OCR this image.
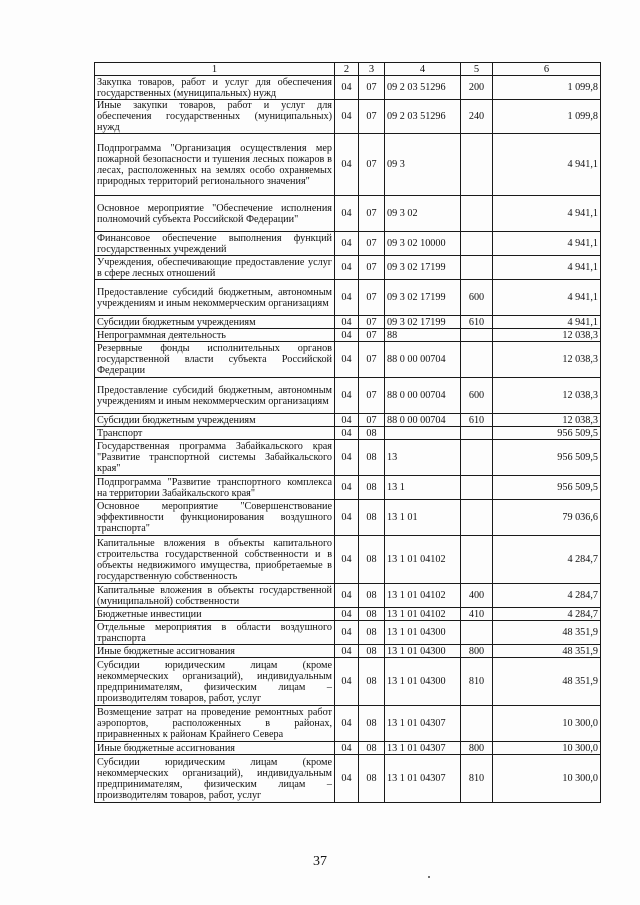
1	2	3	4	5	6
Закупка товаров, работ и услуг для обеспечения государственных (муниципальных) нужд	04	07	09 2 03 51296	200	1 099,8
Иные закупки товаров, работ и услуг для обеспечения государственных (муниципальных) нужд	04	07	09 2 03 51296	240	1 099,8
Подпрограмма "Организация осуществления мер пожарной безопасности и тушения лесных пожаров в лесах, расположенных на землях особо охраняемых природных территорий регионального значения"	04	07	09 3		4 941,1
Основное мероприятие "Обеспечение исполнения полномочий субъекта Российской Федерации"	04	07	09 3 02		4 941,1
Финансовое обеспечение выполнения функций государственных учреждений	04	07	09 3 02 10000		4 941,1
Учреждения, обеспечивающие предоставление услуг в сфере лесных отношений	04	07	09 3 02 17199		4 941,1
Предоставление субсидий бюджетным, автономным учреждениям и иным некоммерческим организациям	04	07	09 3 02 17199	600	4 941,1
Субсидии бюджетным учреждениям	04	07	09 3 02 17199	610	4 941,1
Непрограммная деятельность	04	07	88		12 038,3
Резервные фонды исполнительных органов государственной власти субъекта Российской Федерации	04	07	88 0 00 00704		12 038,3
Предоставление субсидий бюджетным, автономным учреждениям и иным некоммерческим организациям	04	07	88 0 00 00704	600	12 038,3
Субсидии бюджетным учреждениям	04	07	88 0 00 00704	610	12 038,3
Транспорт	04	08			956 509,5
Государственная программа Забайкальского края "Развитие транспортной системы Забайкальского края"	04	08	13		956 509,5
Подпрограмма "Развитие транспортного комплекса на территории Забайкальского края"	04	08	13 1		956 509,5
Основное мероприятие "Совершенствование эффективности функционирования воздушного транспорта"	04	08	13 1 01		79 036,6
Капитальные вложения в объекты капитального строительства государственной собственности и в объекты недвижимого имущества, приобретаемые в государственную собственность	04	08	13 1 01 04102		4 284,7
Капитальные вложения в объекты государственной (муниципальной) собственности	04	08	13 1 01 04102	400	4 284,7
Бюджетные инвестиции	04	08	13 1 01 04102	410	4 284,7
Отдельные мероприятия в области воздушного транспорта	04	08	13 1 01 04300		48 351,9
Иные бюджетные ассигнования	04	08	13 1 01 04300	800	48 351,9
Субсидии юридическим лицам (кроме некоммерческих организаций), индивидуальным предпринимателям, физическим лицам – производителям товаров, работ, услуг	04	08	13 1 01 04300	810	48 351,9
Возмещение затрат на проведение ремонтных работ аэропортов, расположенных в районах, приравненных к районам Крайнего Севера	04	08	13 1 01 04307		10 300,0
Иные бюджетные ассигнования	04	08	13 1 01 04307	800	10 300,0
Субсидии юридическим лицам (кроме некоммерческих организаций), индивидуальным предпринимателям, физическим лицам – производителям товаров, работ, услуг	04	08	13 1 01 04307	810	10 300,0
37
